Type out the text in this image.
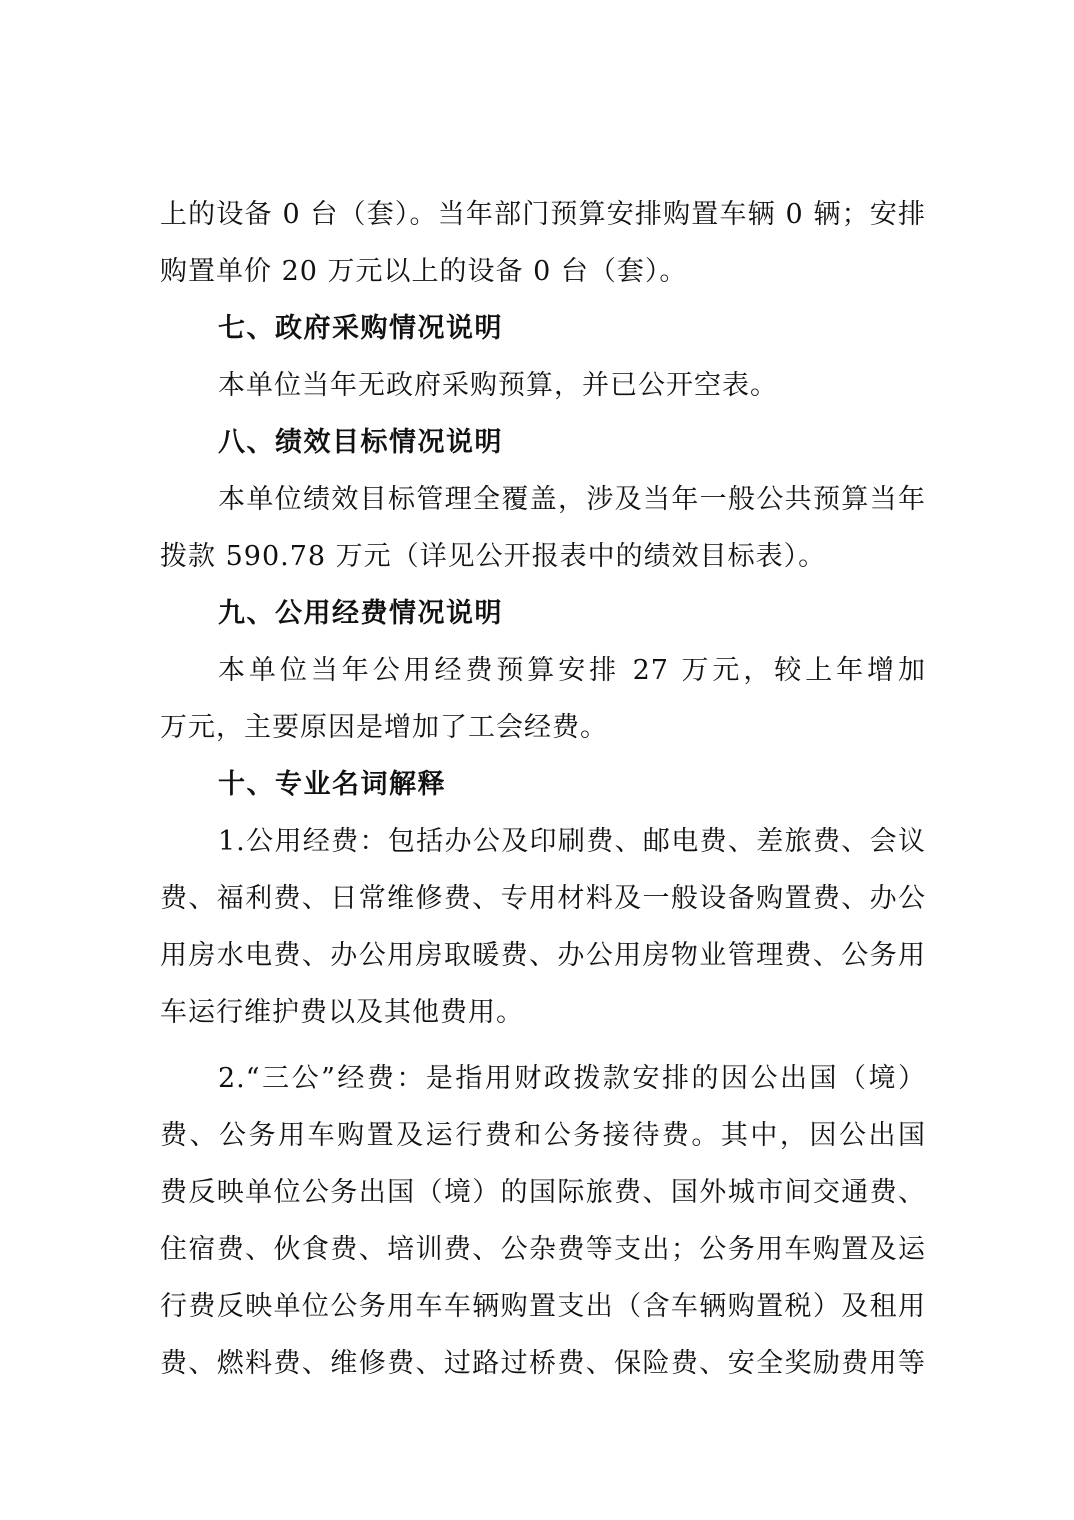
上的设备 0 台（套）。当年部门预算安排购置车辆 0 辆；安排
购置单价 20 万元以上的设备 0 台（套）。
七、政府采购情况说明
本单位当年无政府采购预算，并已公开空表。
八、绩效目标情况说明
本单位绩效目标管理全覆盖，涉及当年一般公共预算当年
拨款 590.78 万元（详见公开报表中的绩效目标表）。
九、公用经费情况说明
本单位当年公用经费预算安排 27 万元，较上年增加
万元，主要原因是增加了工会经费。
十、专业名词解释
1.公用经费：包括办公及印刷费、邮电费、差旅费、会议
费、福利费、日常维修费、专用材料及一般设备购置费、办公
用房水电费、办公用房取暖费、办公用房物业管理费、公务用
车运行维护费以及其他费用。
2.“三公”经费：是指用财政拨款安排的因公出国（境）
费、公务用车购置及运行费和公务接待费。其中，因公出国
费反映单位公务出国（境）的国际旅费、国外城市间交通费、
住宿费、伙食费、培训费、公杂费等支出；公务用车购置及运
行费反映单位公务用车车辆购置支出（含车辆购置税）及租用
费、燃料费、维修费、过路过桥费、保险费、安全奖励费用等
